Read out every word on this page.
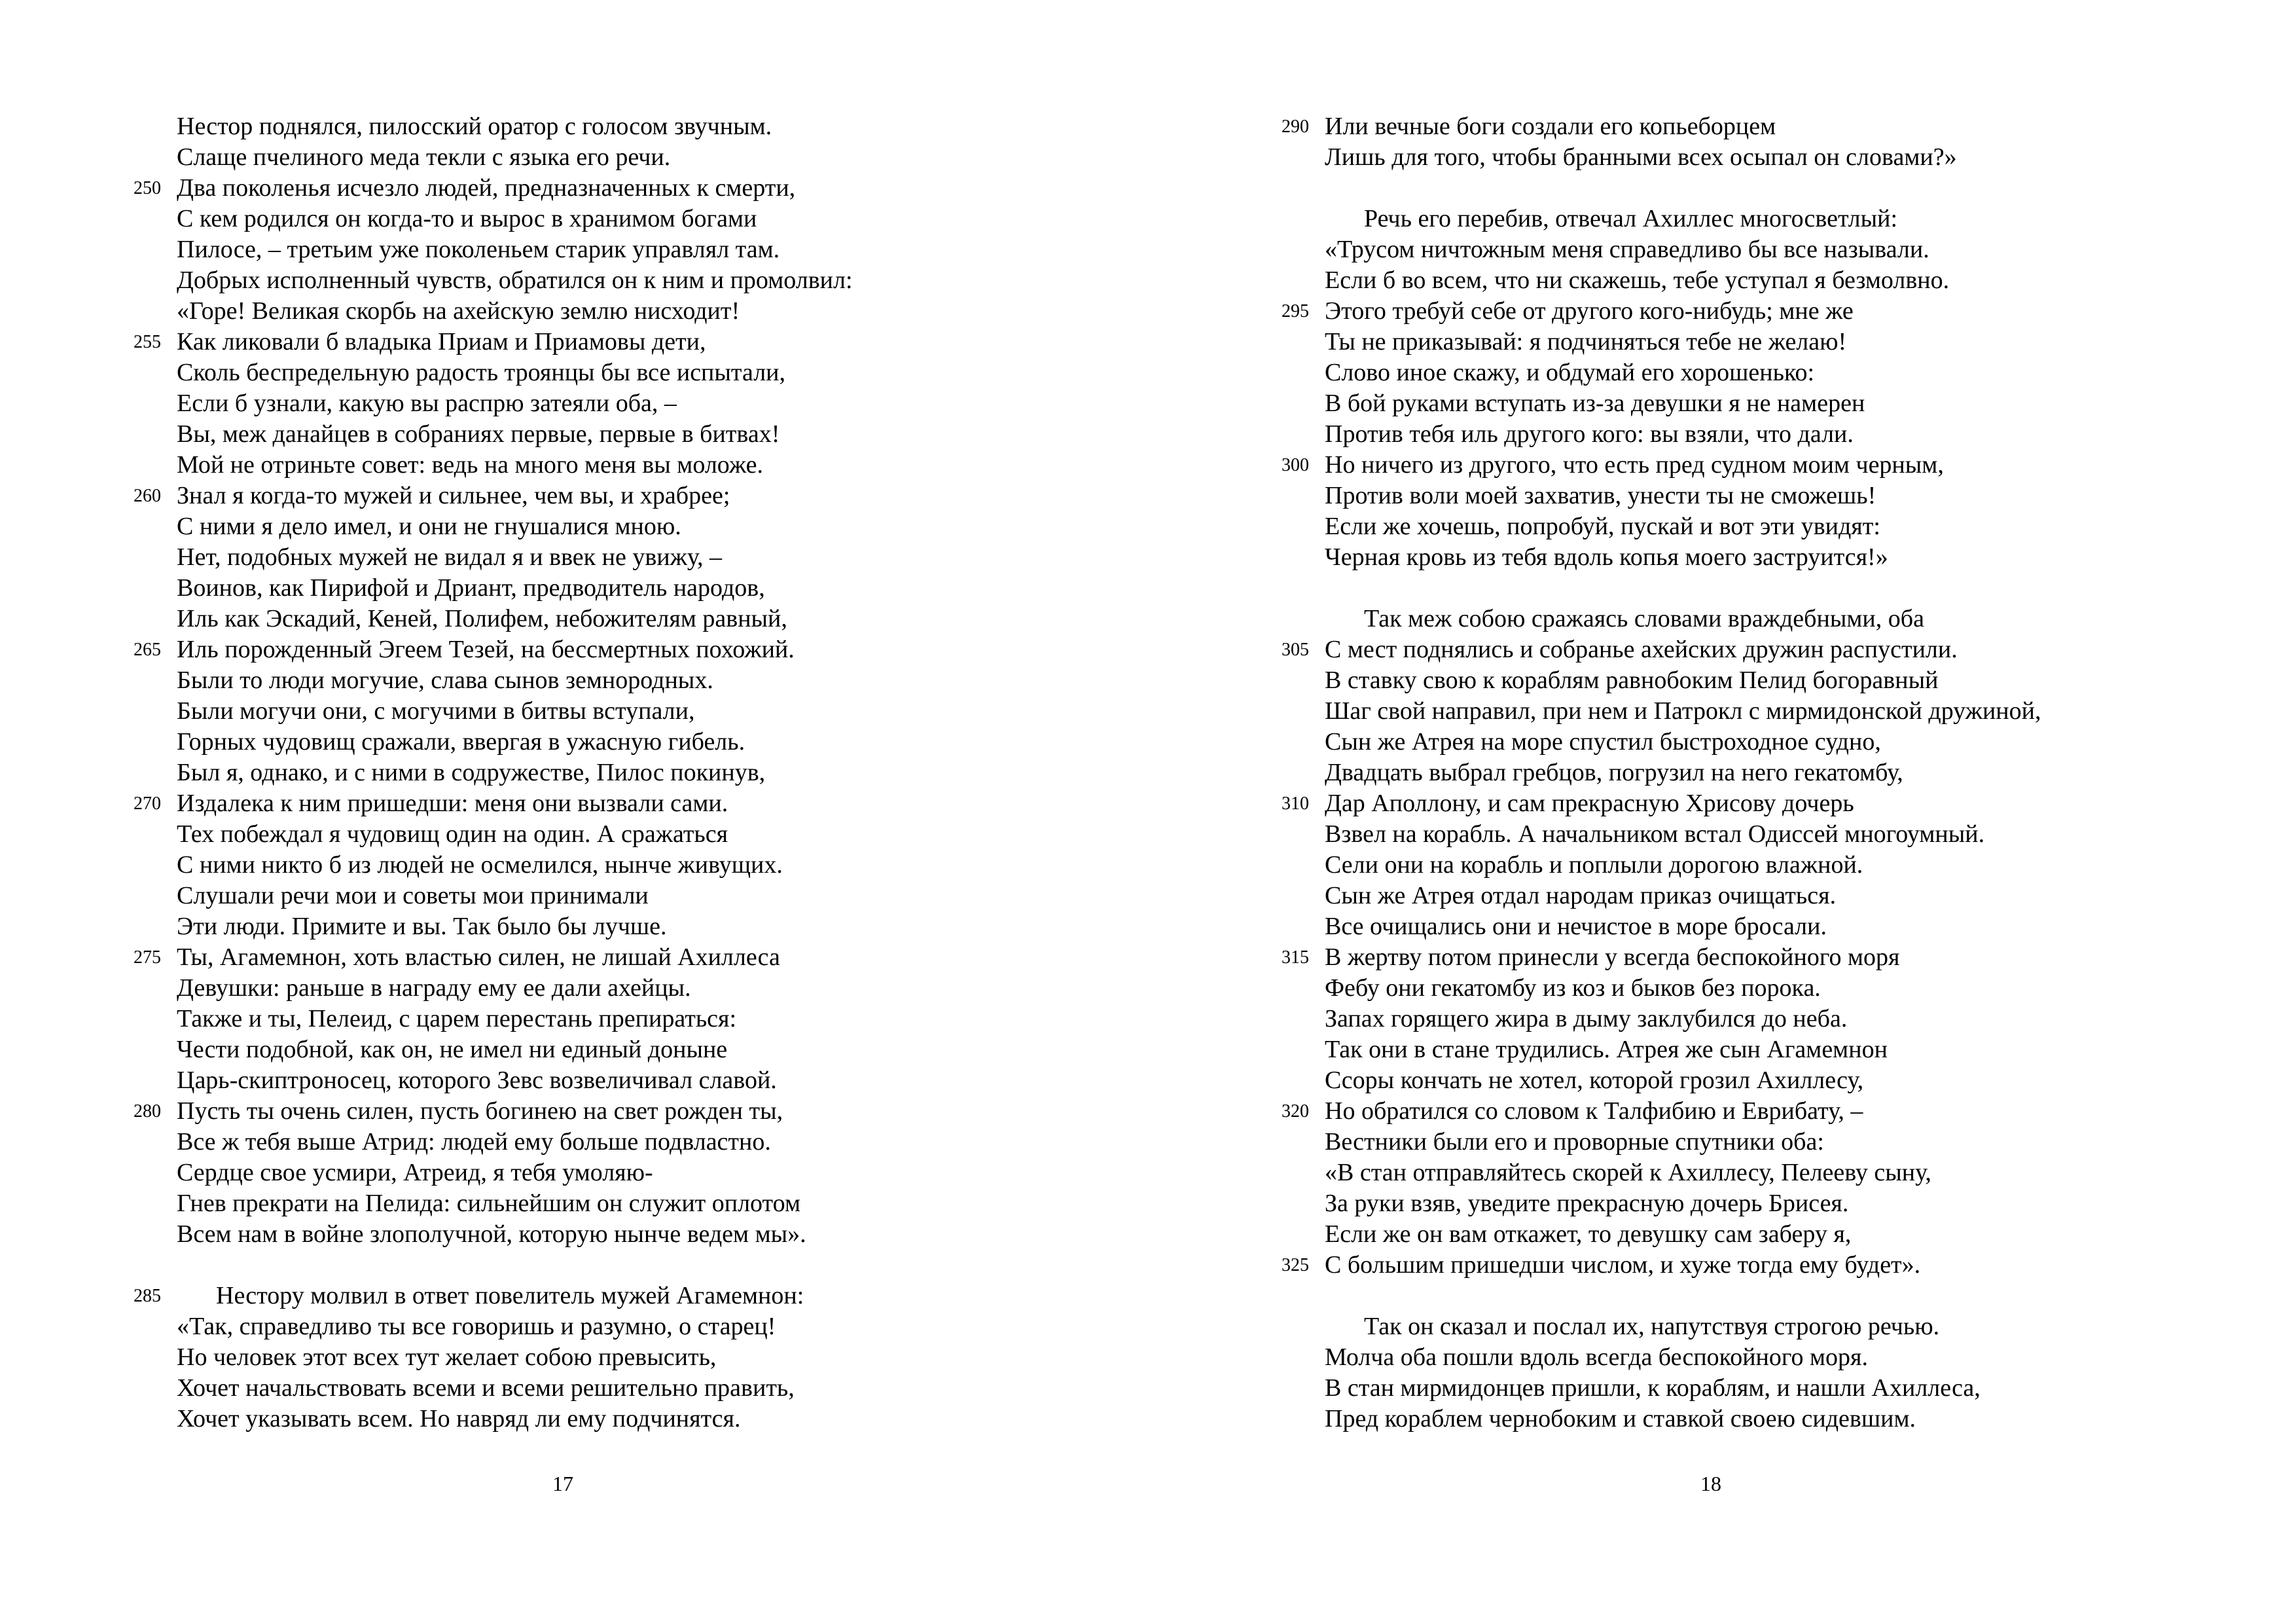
Нестор поднялся, пилосский оратор с голосом звучным.
Слаще пчелиного меда текли с языка его речи.
250 Два поколенья исчезло людей, предназначенных к смерти,
С кем родился он когда-то и вырос в хранимом богами
Пилосе, – третьим уже поколеньем старик управлял там.
Добрых исполненный чувств, обратился он к ним и промолвил:
«Горе! Великая скорбь на ахейскую землю нисходит!
255 Как ликовали б владыка Приам и Приамовы дети,
Сколь беспредельную радость троянцы бы все испытали,
Если б узнали, какую вы распрю затеяли оба, –
Вы, меж данайцев в собраниях первые, первые в битвах!
Мой не отриньте совет: ведь на много меня вы моложе.
260 Знал я когда-то мужей и сильнее, чем вы, и храбрее;
С ними я дело имел, и они не гнушалися мною.
Нет, подобных мужей не видал я и ввек не увижу, –
Воинов, как Пирифой и Дриант, предводитель народов,
Иль как Эскадий, Кеней, Полифем, небожителям равный,
265 Иль порожденный Эгеем Тезей, на бессмертных похожий.
Были то люди могучие, слава сынов земнородных.
Были могучи они, с могучими в битвы вступали,
Горных чудовищ сражали, ввергая в ужасную гибель.
Был я, однако, и с ними в содружестве, Пилос покинув,
270 Издалека к ним пришедши: меня они вызвали сами.
Тех побеждал я чудовищ один на один. А сражаться
С ними никто б из людей не осмелился, нынче живущих.
Слушали речи мои и советы мои принимали
Эти люди. Примите и вы. Так было бы лучше.
275 Ты, Агамемнон, хоть властью силен, не лишай Ахиллеса
Девушки: раньше в награду ему ее дали ахейцы.
Также и ты, Пелеид, с царем перестань препираться:
Чести подобной, как он, не имел ни единый доныне
Царь-скиптроносец, которого Зевс возвеличивал славой.
280 Пусть ты очень силен, пусть богинею на свет рожден ты,
Все ж тебя выше Атрид: людей ему больше подвластно.
Сердце свое усмири, Атреид, я тебя умоляю-
Гнев прекрати на Пелида: сильнейшим он служит оплотом
Всем нам в войне злополучной, которую нынче ведем мы».
285	Нестору молвил в ответ повелитель мужей Агамемнон:
«Так, справедливо ты все говоришь и разумно, о старец!
Но человек этот всех тут желает собою превысить,
Хочет начальствовать всеми и всеми решительно править,
Хочет указывать всем. Но навряд ли ему подчинятся.
17
290 Или вечные боги создали его копьеборцем
Лишь для того, чтобы бранными всех осыпал он словами?»
Речь его перебив, отвечал Ахиллес многосветлый:
«Трусом ничтожным меня справедливо бы все называли.
Если б во всем, что ни скажешь, тебе уступал я безмолвно.
295 Этого требуй себе от другого кого-нибудь; мне же
Ты не приказывай: я подчиняться тебе не желаю!
Слово иное скажу, и обдумай его хорошенько:
В бой руками вступать из-за девушки я не намерен
Против тебя иль другого кого: вы взяли, что дали.
300 Но ничего из другого, что есть пред судном моим черным,
Против воли моей захватив, унести ты не сможешь!
Если же хочешь, попробуй, пускай и вот эти увидят:
Черная кровь из тебя вдоль копья моего заструится!»
Так меж собою сражаясь словами враждебными, оба
305 С мест поднялись и собранье ахейских дружин распустили.
В ставку свою к кораблям равнобоким Пелид богоравный
Шаг свой направил, при нем и Патрокл с мирмидонской дружиной,
Сын же Атрея на море спустил быстроходное судно,
Двадцать выбрал гребцов, погрузил на него гекатомбу,
310 Дар Аполлону, и сам прекрасную Хрисову дочерь
Взвел на корабль. А начальником встал Одиссей многоумный.
Сели они на корабль и поплыли дорогою влажной.
Сын же Атрея отдал народам приказ очищаться.
Все очищались они и нечистое в море бросали.
315 В жертву потом принесли у всегда беспокойного моря
Фебу они гекатомбу из коз и быков без порока.
Запах горящего жира в дыму заклубился до неба.
Так они в стане трудились. Атрея же сын Агамемнон
Ссоры кончать не хотел, которой грозил Ахиллесу,
320 Но обратился со словом к Талфибию и Еврибату, –
Вестники были его и проворные спутники оба:
«В стан отправляйтесь скорей к Ахиллесу, Пелееву сыну,
За руки взяв, уведите прекрасную дочерь Брисея.
Если же он вам откажет, то девушку сам заберу я,
325 С большим пришедши числом, и хуже тогда ему будет».
Так он сказал и послал их, напутствуя строгою речью.
Молча оба пошли вдоль всегда беспокойного моря.
В стан мирмидонцев пришли, к кораблям, и нашли Ахиллеса,
Пред кораблем чернобоким и ставкой своею сидевшим.
18
